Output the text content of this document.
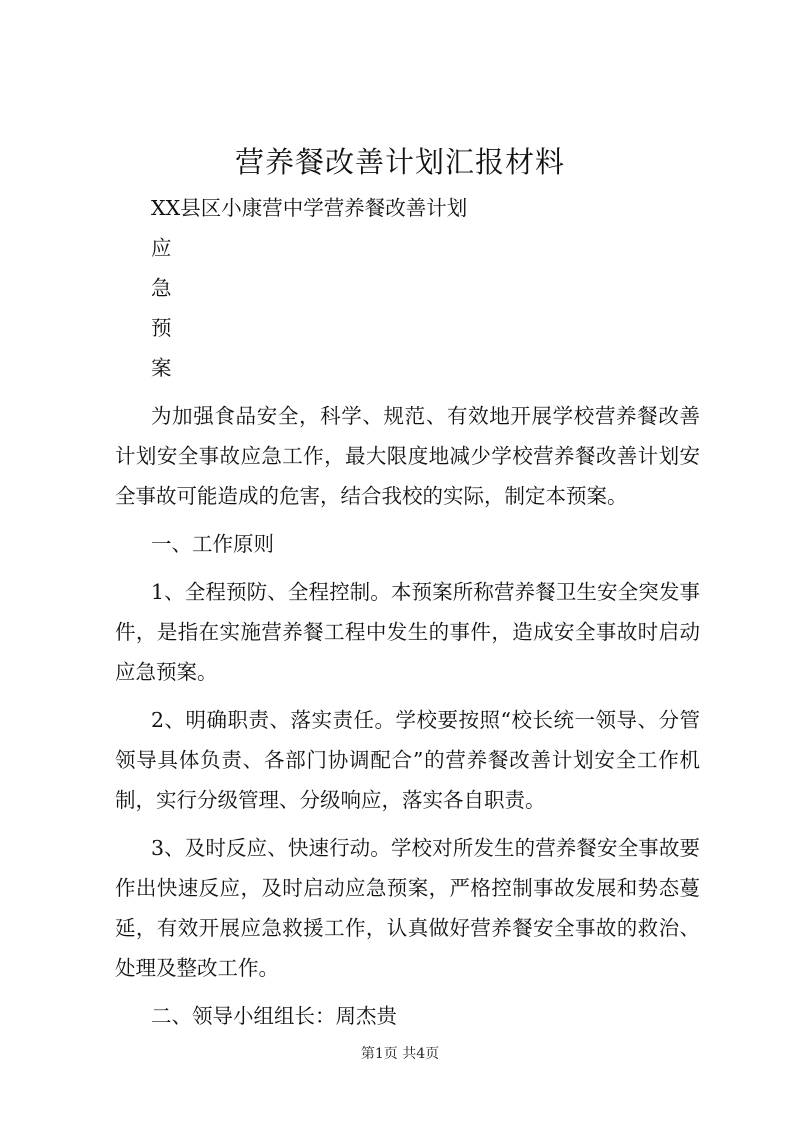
营养餐改善计划汇报材料
XX县区小康营中学营养餐改善计划
应
急
预
案

为加强食品安全，科学、规范、有效地开展学校营养餐改善计划安全事故应急工作，最大限度地减少学校营养餐改善计划安全事故可能造成的危害，结合我校的实际，制定本预案。

一、工作原则

1、全程预防、全程控制。本预案所称营养餐卫生安全突发事件，是指在实施营养餐工程中发生的事件，造成安全事故时启动应急预案。

2、明确职责、落实责任。学校要按照“校长统一领导、分管领导具体负责、各部门协调配合”的营养餐改善计划安全工作机制，实行分级管理、分级响应，落实各自职责。

3、及时反应、快速行动。学校对所发生的营养餐安全事故要作出快速反应，及时启动应急预案，严格控制事故发展和势态蔓延，有效开展应急救援工作，认真做好营养餐安全事故的救治、处理及整改工作。

二、领导小组组长：周杰贵

第1页 共4页
